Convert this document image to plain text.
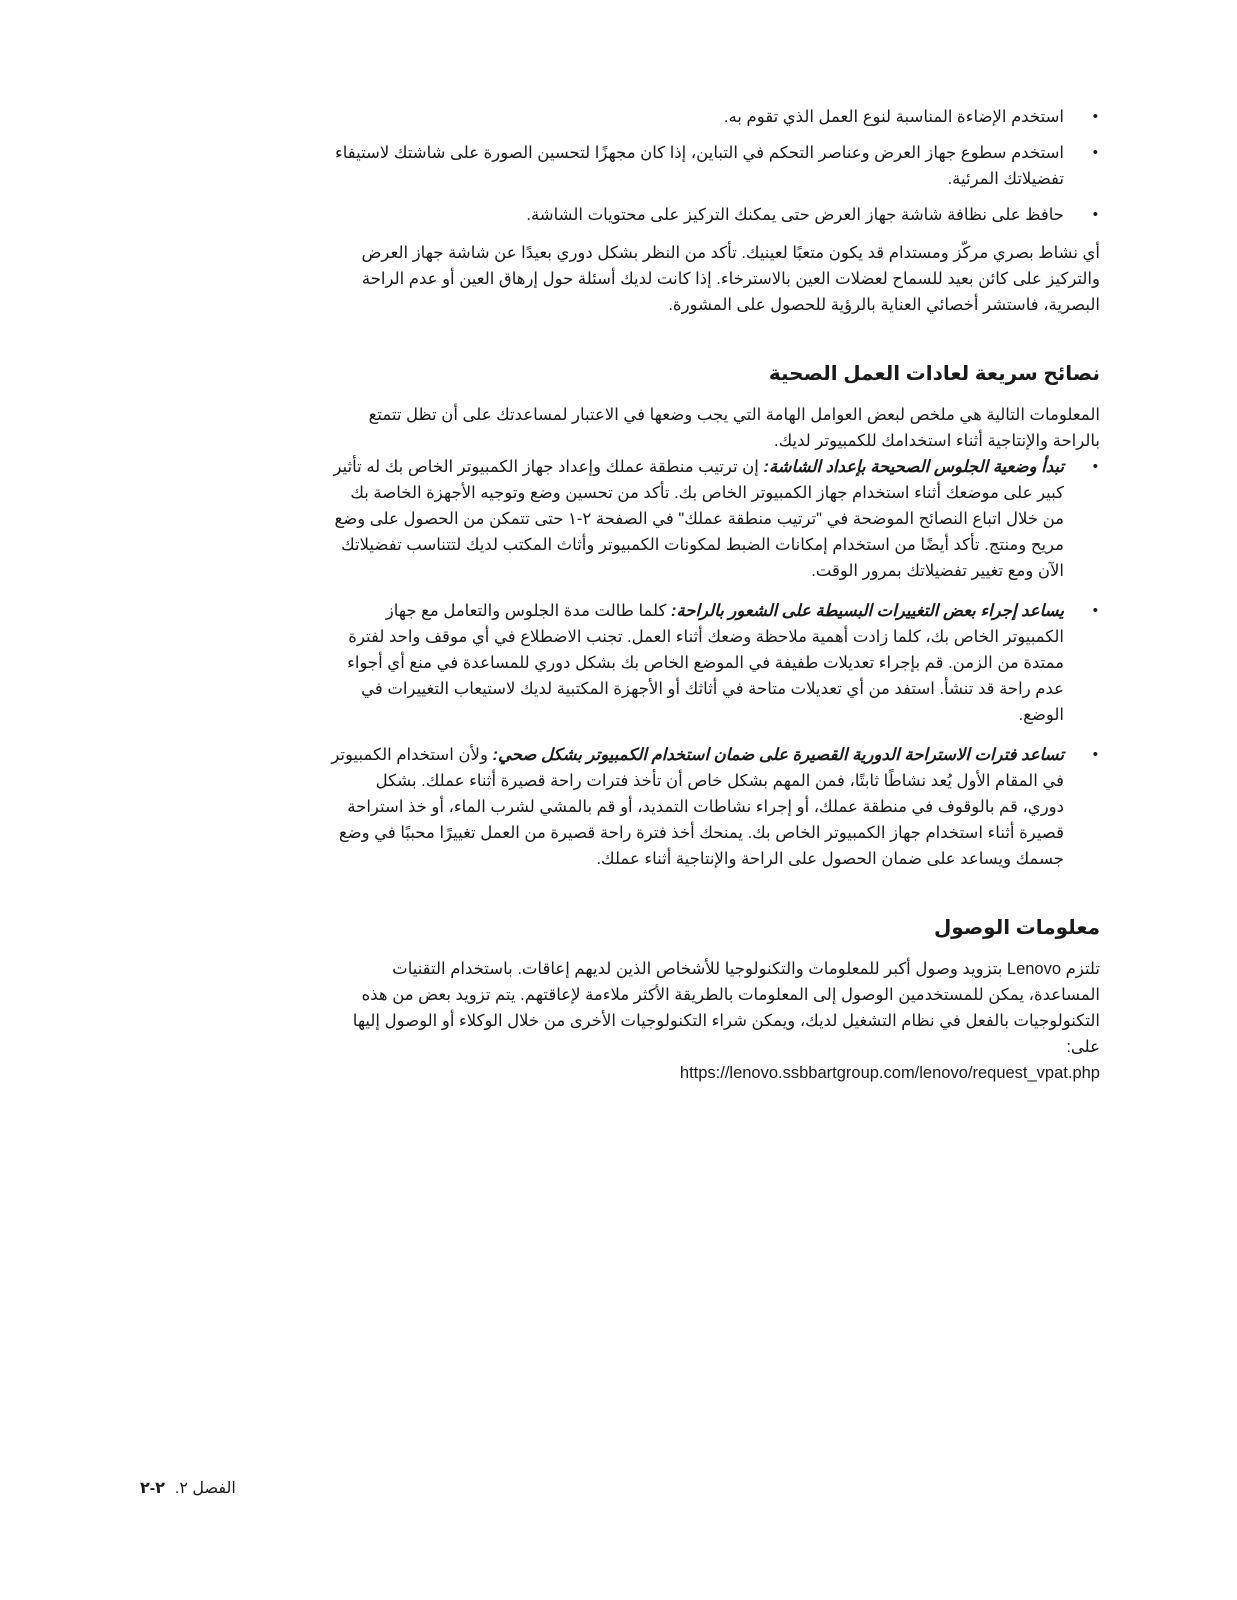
• استخدم الإضاءة المناسبة لنوع العمل الذي تقوم به.
• استخدم سطوع جهاز العرض وعناصر التحكم في التباين، إذا كان مجهزًا لتحسين الصورة على شاشتك لاستيفاء تفضيلاتك المرئية.
• حافظ على نظافة شاشة جهاز العرض حتى يمكنك التركيز على محتويات الشاشة.

أي نشاط بصري مركّز ومستدام قد يكون متعبًا لعينيك. تأكد من النظر بشكل دوري بعيدًا عن شاشة جهاز العرض والتركيز على كائن بعيد للسماح لعضلات العين بالاسترخاء. إذا كانت لديك أسئلة حول إرهاق العين أو عدم الراحة البصرية، فاستشر أخصائي العناية بالرؤية للحصول على المشورة.

نصائح سريعة لعادات العمل الصحية

المعلومات التالية هي ملخص لبعض العوامل الهامة التي يجب وضعها في الاعتبار لمساعدتك على أن تظل تتمتع بالراحة والإنتاجية أثناء استخدامك للكمبيوتر لديك.

• تبدأ وضعية الجلوس الصحيحة بإعداد الشاشة: إن ترتيب منطقة عملك وإعداد جهاز الكمبيوتر الخاص بك له تأثير كبير على موضعك أثناء استخدام جهاز الكمبيوتر الخاص بك. تأكد من تحسين وضع وتوجيه الأجهزة الخاصة بك من خلال اتباع النصائح الموضحة في "ترتيب منطقة عملك" في الصفحة ٢-١ حتى تتمكن من الحصول على وضع مريح ومنتج. تأكد أيضًا من استخدام إمكانات الضبط لمكونات الكمبيوتر وأثاث المكتب لديك لتتناسب تفضيلاتك الآن ومع تغيير تفضيلاتك بمرور الوقت.
• يساعد إجراء بعض التغييرات البسيطة على الشعور بالراحة: كلما طالت مدة الجلوس والتعامل مع جهاز الكمبيوتر الخاص بك، كلما زادت أهمية ملاحظة وضعك أثناء العمل. تجنب الاضطلاع في أي موقف واحد لفترة ممتدة من الزمن. قم بإجراء تعديلات طفيفة في الموضع الخاص بك بشكل دوري للمساعدة في منع أي أجواء عدم راحة قد تنشأ. استفد من أي تعديلات متاحة في أثاثك أو الأجهزة المكتبية لديك لاستيعاب التغييرات في الوضع.
• تساعد فترات الاستراحة الدورية القصيرة على ضمان استخدام الكمبيوتر بشكل صحي: ولأن استخدام الكمبيوتر في المقام الأول يُعد نشاطًا ثابتًا، فمن المهم بشكل خاص أن تأخذ فترات راحة قصيرة أثناء عملك. بشكل دوري، قم بالوقوف في منطقة عملك، أو إجراء نشاطات التمديد، أو قم بالمشي لشرب الماء، أو خذ استراحة قصيرة أثناء استخدام جهاز الكمبيوتر الخاص بك. يمنحك أخذ فترة راحة قصيرة من العمل تغييرًا محببًا في وضع جسمك ويساعد على ضمان الحصول على الراحة والإنتاجية أثناء عملك.
معلومات الوصول

تلتزم Lenovo بتزويد وصول أكبر للمعلومات والتكنولوجيا للأشخاص الذين لديهم إعاقات. باستخدام التقنيات المساعدة، يمكن للمستخدمين الوصول إلى المعلومات بالطريقة الأكثر ملاءمة لإعاقتهم. يتم تزويد بعض من هذه التكنولوجيات بالفعل في نظام التشغيل لديك، ويمكن شراء التكنولوجيات الأخرى من خلال الوكلاء أو الوصول إليها على:
https://lenovo.ssbbartgroup.com/lenovo/request_vpat.php

الفصل ٢.
٢-٢
